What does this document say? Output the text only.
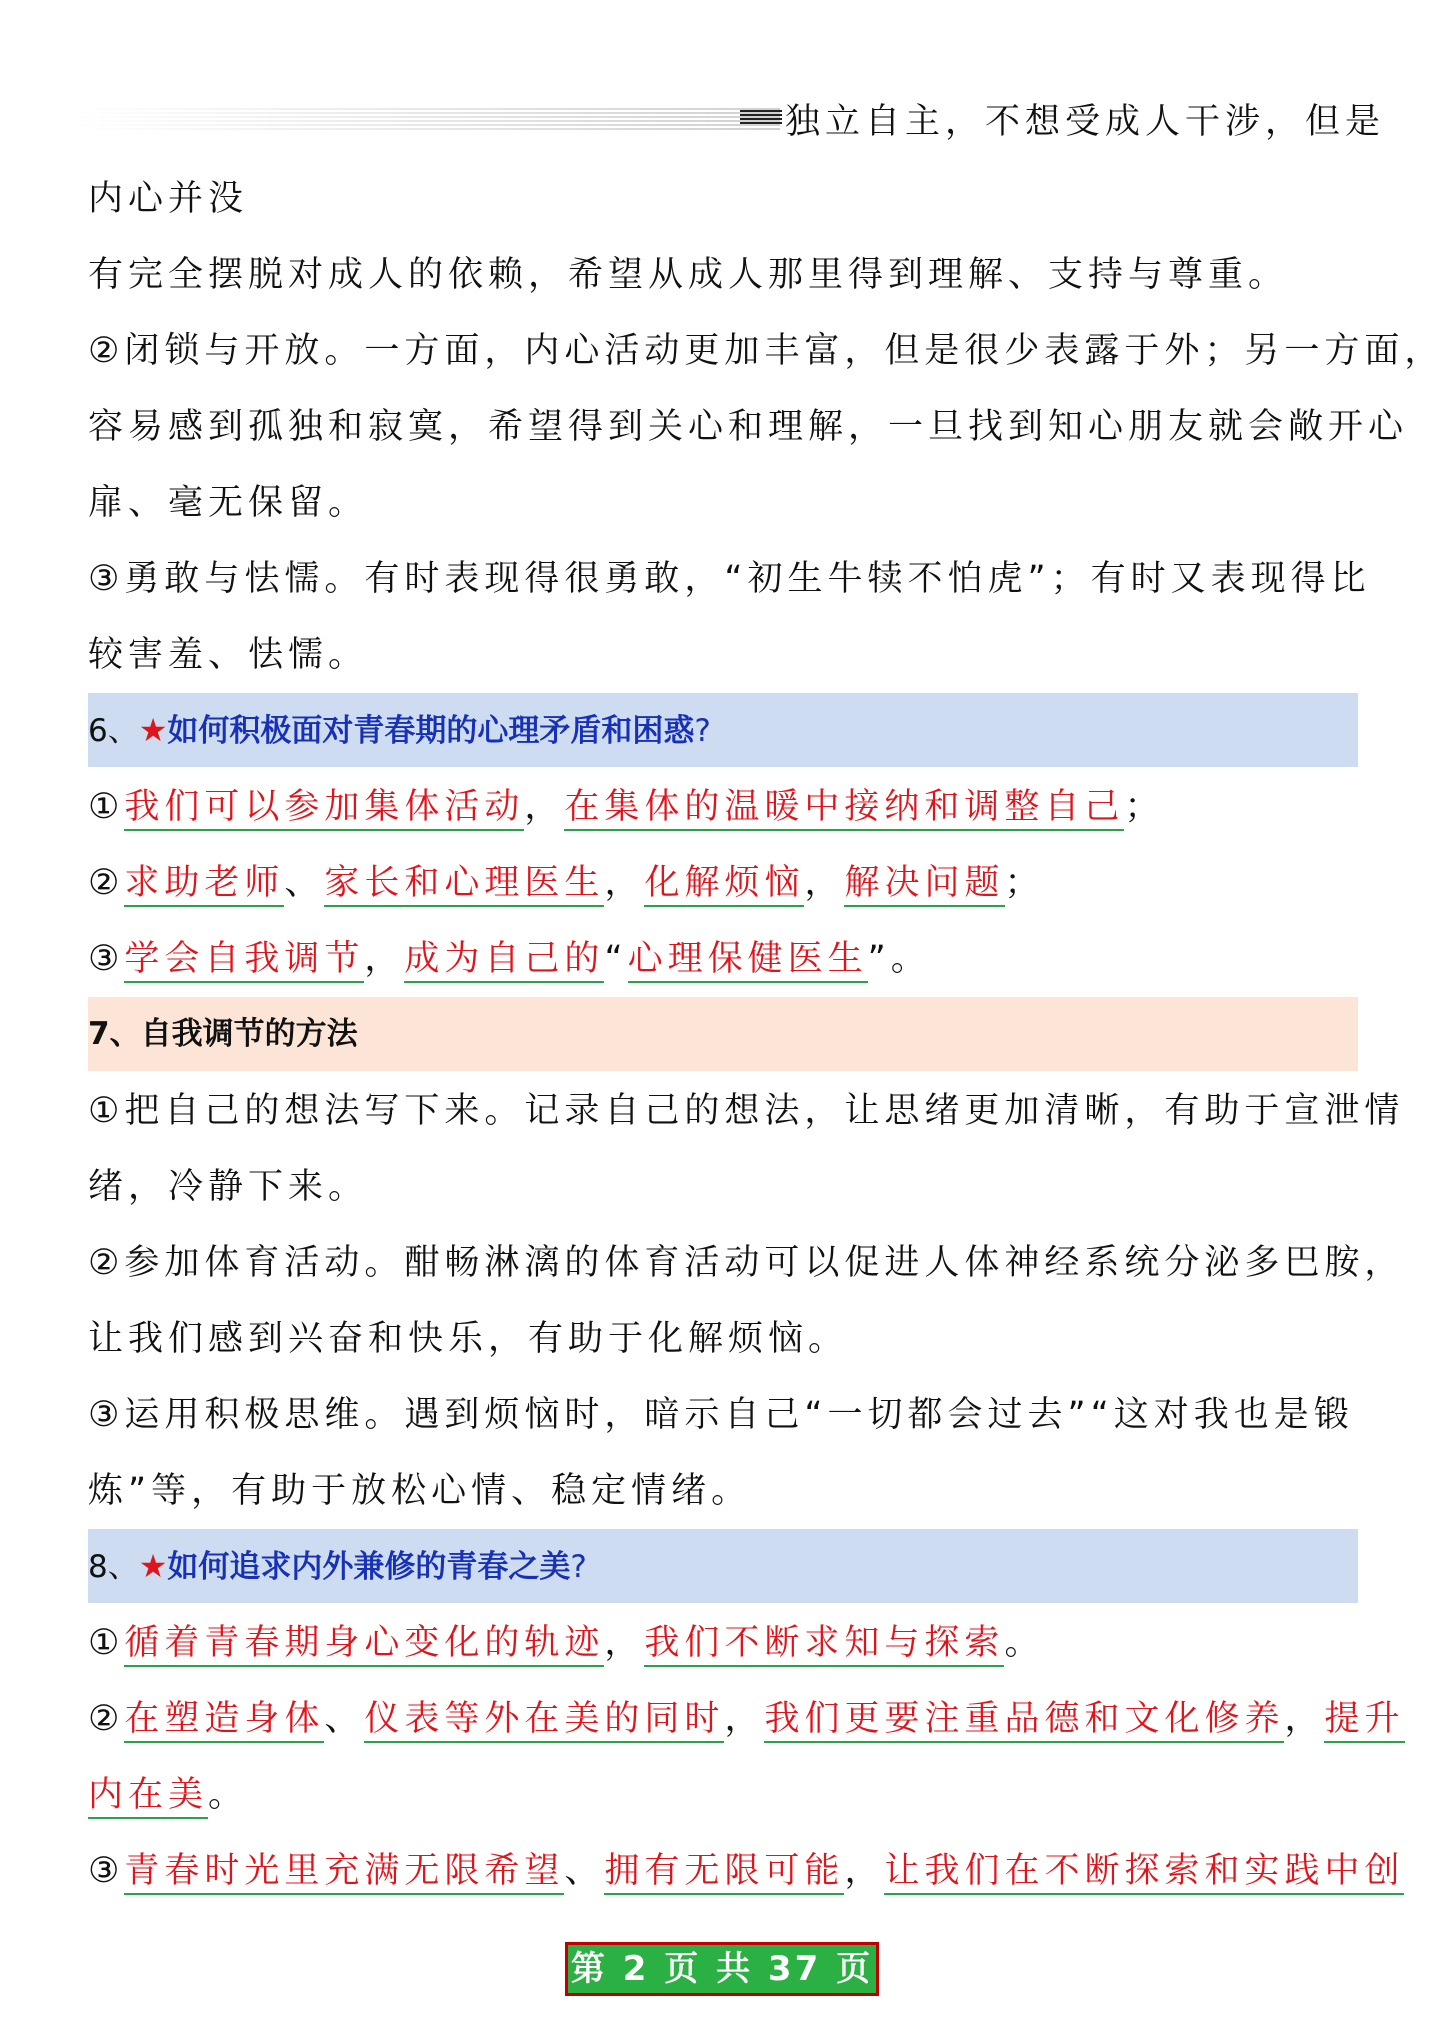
独立自主，不想受成人干涉，但是
内心并没
有完全摆脱对成人的依赖，希望从成人那里得到理解、支持与尊重。
②闭锁与开放。一方面，内心活动更加丰富，但是很少表露于外；另一方面，
容易感到孤独和寂寞，希望得到关心和理解，一旦找到知心朋友就会敞开心
扉、毫无保留。
③勇敢与怯懦。有时表现得很勇敢，“初生牛犊不怕虎”；有时又表现得比
较害羞、怯懦。
6、★如何积极面对青春期的心理矛盾和困惑?
①我们可以参加集体活动，在集体的温暖中接纳和调整自己；
②求助老师、家长和心理医生，化解烦恼，解决问题；
③学会自我调节，成为自己的“心理保健医生”。
7、自我调节的方法
①把自己的想法写下来。记录自己的想法，让思绪更加清晰，有助于宣泄情
绪，冷静下来。
②参加体育活动。酣畅淋漓的体育活动可以促进人体神经系统分泌多巴胺，
让我们感到兴奋和快乐，有助于化解烦恼。
③运用积极思维。遇到烦恼时，暗示自己“一切都会过去”“这对我也是锻
炼”等，有助于放松心情、稳定情绪。
8、★如何追求内外兼修的青春之美?
①循着青春期身心变化的轨迹，我们不断求知与探索。
②在塑造身体、仪表等外在美的同时，我们更要注重品德和文化修养，提升
内在美。
③青春时光里充满无限希望、拥有无限可能，让我们在不断探索和实践中创
第 2 页 共 37 页
